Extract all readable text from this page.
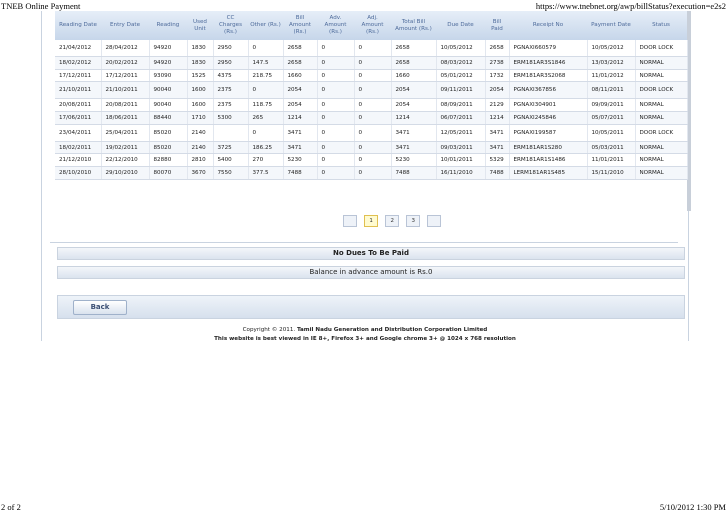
TNEB Online Payment	https://www.tnebnet.org/awp/billStatus?execution=e2s2
Reading Date	Entry Date	Reading	Used Unit	CC Charges (Rs.)	Other (Rs.)	Bill Amount (Rs.)	Adv. Amount (Rs.)	Adj. Amount (Rs.)	Total Bill Amount (Rs.)	Due Date	Bill Paid	Receipt No	Payment Date	Status
21/04/2012	28/04/2012	94920	1830	2950	0	2658	0	0	2658	10/05/2012	2658	PGNAXI660579	10/05/2012	DOOR LOCK
18/02/2012	20/02/2012	94920	1830	2950	147.5	2658	0	0	2658	08/03/2012	2738	ERM181AR3S1846	13/03/2012	NORMAL
17/12/2011	17/12/2011	93090	1525	4375	218.75	1660	0	0	1660	05/01/2012	1732	ERM181AR3S2068	11/01/2012	NORMAL
21/10/2011	21/10/2011	90040	1600	2375	0	2054	0	0	2054	09/11/2011	2054	PGNAXI367856	08/11/2011	DOOR LOCK
20/08/2011	20/08/2011	90040	1600	2375	118.75	2054	0	0	2054	08/09/2011	2129	PGNAXI304901	09/09/2011	NORMAL
17/06/2011	18/06/2011	88440	1710	5300	265	1214	0	0	1214	06/07/2011	1214	PGNAXI245846	05/07/2011	NORMAL
23/04/2011	25/04/2011	85020	2140		0	3471	0	0	3471	12/05/2011	3471	PGNAXI199587	10/05/2011	DOOR LOCK
18/02/2011	19/02/2011	85020	2140	3725	186.25	3471	0	0	3471	09/03/2011	3471	ERM181AR1S280	05/03/2011	NORMAL
21/12/2010	22/12/2010	82880	2810	5400	270	5230	0	0	5230	10/01/2011	5329	ERM181AR1S1486	11/01/2011	NORMAL
28/10/2010	29/10/2010	80070	3670	7550	377.5	7488	0	0	7488	16/11/2010	7488	LERM181AR1S485	15/11/2010	NORMAL
1	2	3
No Dues To Be Paid
Balance in advance amount is Rs.0
Back
Copyright © 2011. Tamil Nadu Generation and Distribution Corporation Limited
This website is best viewed in IE 8+, Firefox 3+ and Google chrome 3+ @ 1024 x 768 resolution
2 of 2	5/10/2012 1:30 PM
